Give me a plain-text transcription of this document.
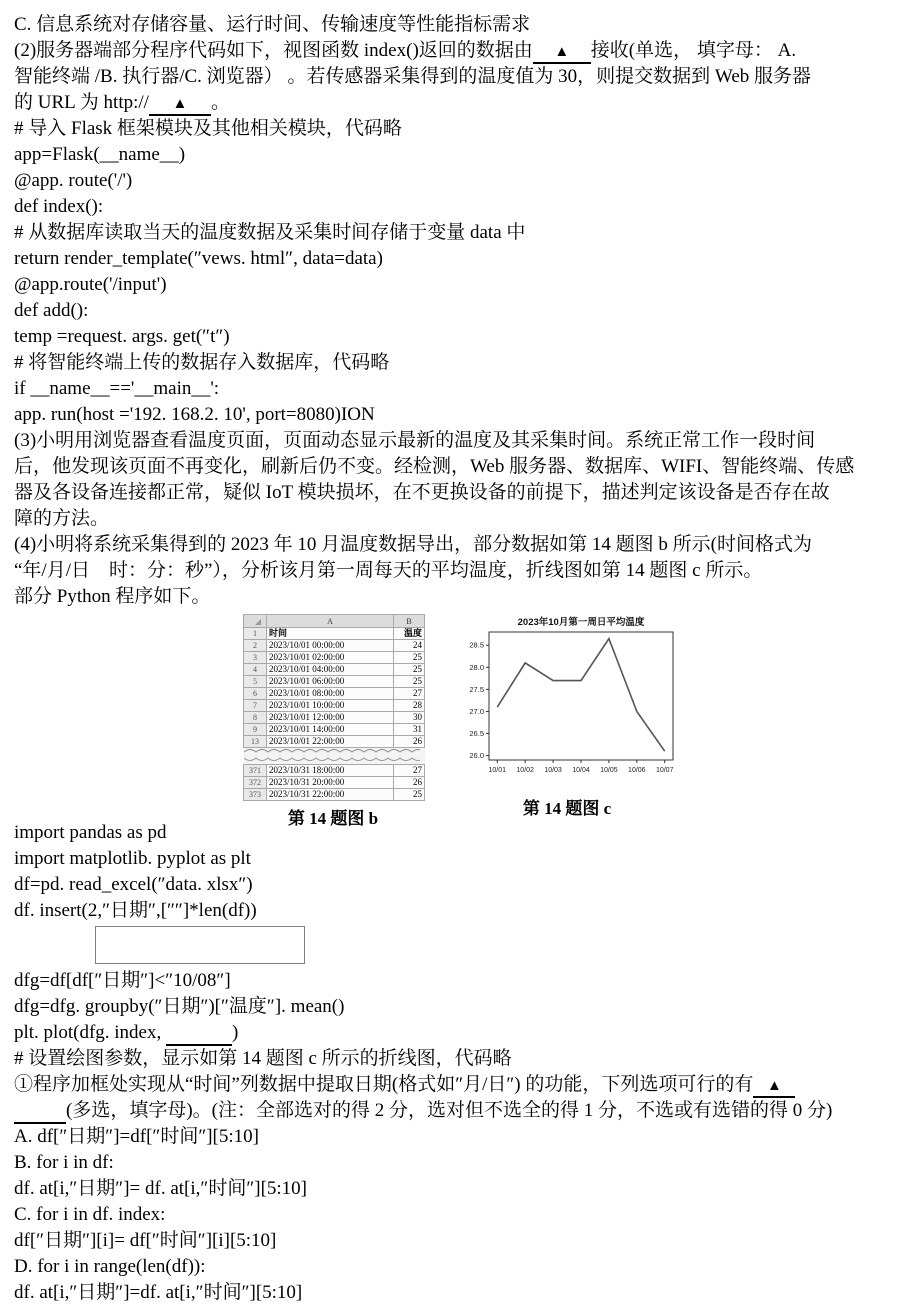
C. 信息系统对存储容量、运行时间、传输速度等性能指标需求
(2)服务器端部分程序代码如下，视图函数 index()返回的数据由 ▲ 接收(单选， 填字母： A.
智能终端 /B. 执行器/C. 浏览器） 。若传感器采集得到的温度值为 30，则提交数据到 Web 服务器
的 URL 为 http:// ▲ 。
# 导入 Flask 框架模块及其他相关模块，代码略
app=Flask(__name__)
@app. route('/')
def index():
# 从数据库读取当天的温度数据及采集时间存储于变量 data 中
return render_template(″vews. html″, data=data)
@app.route('/input')
def add():
temp =request. args. get(″t″)
# 将智能终端上传的数据存入数据库，代码略
if __name__=='__main__':
app. run(host ='192. 168.2. 10', port=8080)ION
(3)小明用浏览器查看温度页面，页面动态显示最新的温度及其采集时间。系统正常工作一段时间
后，他发现该页面不再变化，刷新后仍不变。经检测，Web 服务器、数据库、WIFI、智能终端、传感
器及各设备连接都正常，疑似 IoT 模块损坏，在不更换设备的前提下，描述判定该设备是否存在故
障的方法。
(4)小明将系统采集得到的 2023 年 10 月温度数据导出，部分数据如第 14 题图 b 所示(时间格式为
“年/月/日　时：分：秒”），分析该月第一周每天的平均温度，折线图如第 14 题图 c 所示。
部分 Python 程序如下。
	A	B
1	时间	温度
2	2023/10/01 00:00:00	24
3	2023/10/01 02:00:00	25
4	2023/10/01 04:00:00	25
5	2023/10/01 06:00:00	25
6	2023/10/01 08:00:00	27
7	2023/10/01 10:00:00	28
8	2023/10/01 12:00:00	30
9	2023/10/01 14:00:00	31
13	2023/10/01 22:00:00	26

371	2023/10/31 18:00:00	27
372	2023/10/31 20:00:00	26
373	2023/10/31 22:00:00	25
第 14 题图 b
2023年10月第一周日平均温度
26.0
26.5
27.0
27.5
28.0
28.5
10/01 10/02 10/03 10/04 10/05 10/06 10/07
第 14 题图 c
import pandas as pd
import matplotlib. pyplot as plt
df=pd. read_excel(″data. xlsx″)
df. insert(2,″日期″,[″″]*len(df))
dfg=df[df[″日期″]<″10/08″]
dfg=dfg. groupby(″日期″)[″温度″]. mean()
plt. plot(dfg. index,	)
# 设置绘图参数，显示如第 14 题图 c 所示的折线图，代码略
①程序加框处实现从“时间”列数据中提取日期(格式如″月/日″) 的功能，下列选项可行的有 ▲
(多选，填字母)。(注：全部选对的得 2 分，选对但不选全的得 1 分，不选或有选错的得 0 分)
A. df[″日期″]=df[″时间″][5:10]
B. for i in df:
df. at[i,″日期″]= df. at[i,″时间″][5:10]
C. for i in df. index:
df[″日期″][i]= df[″时间″][i][5:10]
D. for i in range(len(df)):
df. at[i,″日期″]=df. at[i,″时间″][5:10]
